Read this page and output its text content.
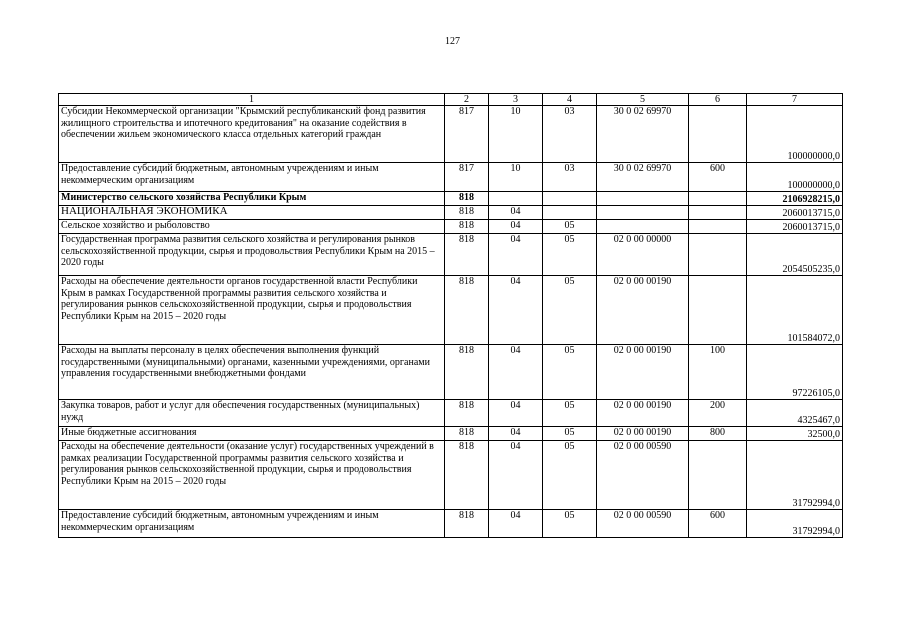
127
1	2	3	4	5	6	7
Субсидии Некоммерческой организации "Крымский республиканский фонд развития жилищного строительства и ипотечного кредитования" на оказание содействия в обеспечении жильем экономического класса отдельных категорий граждан	817	10	03	30 0 02 69970		100000000,0
Предоставление субсидий бюджетным, автономным учреждениям и иным некоммерческим организациям	817	10	03	30 0 02 69970	600	100000000,0
Министерство сельского хозяйства Республики Крым	818					2106928215,0
НАЦИОНАЛЬНАЯ ЭКОНОМИКА	818	04				2060013715,0
Сельское хозяйство и рыболовство	818	04	05			2060013715,0
Государственная программа развития сельского хозяйства и регулирования рынков сельскохозяйственной продукции, сырья и продовольствия Республики Крым на 2015 – 2020 годы	818	04	05	02 0 00 00000		2054505235,0
Расходы на обеспечение деятельности органов государственной власти Республики Крым в рамках Государственной программы развития сельского хозяйства и регулирования рынков сельскохозяйственной продукции, сырья и продовольствия Республики Крым на 2015 – 2020 годы	818	04	05	02 0 00 00190		101584072,0
Расходы на выплаты персоналу в целях обеспечения выполнения функций государственными (муниципальными) органами, казенными учреждениями, органами управления государственными внебюджетными фондами	818	04	05	02 0 00 00190	100	97226105,0
Закупка товаров, работ и услуг для обеспечения государственных (муниципальных) нужд	818	04	05	02 0 00 00190	200	4325467,0
Иные бюджетные ассигнования	818	04	05	02 0 00 00190	800	32500,0
Расходы на обеспечение деятельности (оказание услуг) государственных учреждений в рамках реализации Государственной программы развития сельского хозяйства и регулирования рынков сельскохозяйственной продукции, сырья и продовольствия Республики Крым на 2015 – 2020 годы	818	04	05	02 0 00 00590		31792994,0
Предоставление субсидий бюджетным, автономным учреждениям и иным некоммерческим организациям	818	04	05	02 0 00 00590	600	31792994,0
